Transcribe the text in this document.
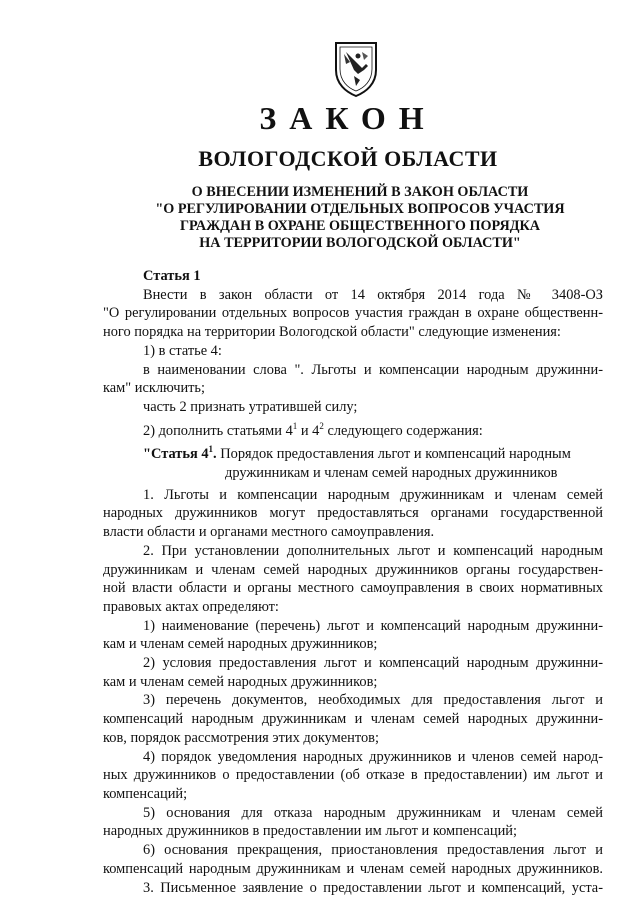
ЗАКОН
ВОЛОГОДСКОЙ ОБЛАСТИ
О ВНЕСЕНИИ ИЗМЕНЕНИЙ В ЗАКОН ОБЛАСТИ
"О РЕГУЛИРОВАНИИ ОТДЕЛЬНЫХ ВОПРОСОВ УЧАСТИЯ
ГРАЖДАН В ОХРАНЕ ОБЩЕСТВЕННОГО ПОРЯДКА
НА ТЕРРИТОРИИ ВОЛОГОДСКОЙ ОБЛАСТИ"
Статья 1
Внести в закон области от 14 октября 2014 года № 3408-ОЗ
"О регулировании отдельных вопросов участия граждан в охране общественн-
ного порядка на территории Вологодской области" следующие изменения:
1) в статье 4:
в наименовании слова ". Льготы и компенсации народным дружинни-
кам" исключить;
часть 2 признать утратившей силу;
2) дополнить статьями $4^1$ и $4^2$ следующего содержания:
"Статья $4^1$. Порядок предоставления льгот и компенсаций народным
дружинникам и членам семей народных дружинников
1. Льготы и компенсации народным дружинникам и членам семей
народных дружинников могут предоставляться органами государственной
власти области и органами местного самоуправления.
2. При установлении дополнительных льгот и компенсаций народным
дружинникам и членам семей народных дружинников органы государствен-
ной власти области и органы местного самоуправления в своих нормативных
правовых актах определяют:
1) наименование (перечень) льгот и компенсаций народным дружинни-
кам и членам семей народных дружинников;
2) условия предоставления льгот и компенсаций народным дружинни-
кам и членам семей народных дружинников;
3) перечень документов, необходимых для предоставления льгот и
компенсаций народным дружинникам и членам семей народных дружинни-
ков, порядок рассмотрения этих документов;
4) порядок уведомления народных дружинников и членов семей народ-
ных дружинников о предоставлении (об отказе в предоставлении) им льгот и
компенсаций;
5) основания для отказа народным дружинникам и членам семей
народных дружинников в предоставлении им льгот и компенсаций;
6) основания прекращения, приостановления предоставления льгот и
компенсаций народным дружинникам и членам семей народных дружинников.
3. Письменное заявление о предоставлении льгот и компенсаций, уста-
